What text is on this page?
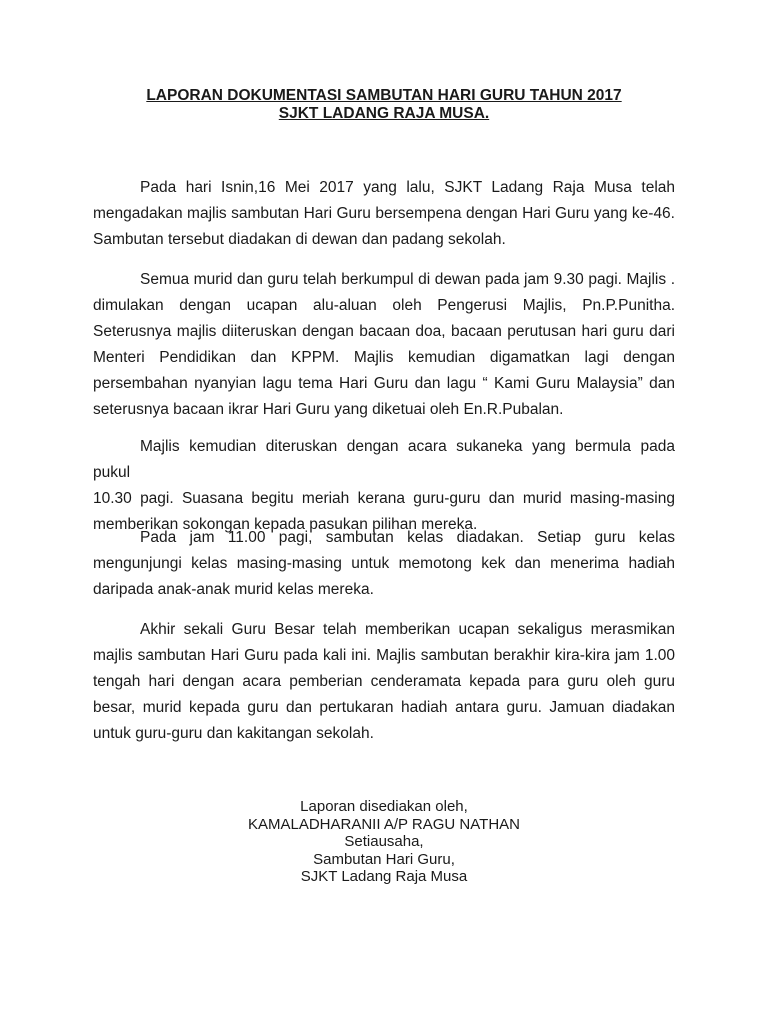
LAPORAN DOKUMENTASI SAMBUTAN HARI GURU TAHUN 2017
SJKT LADANG RAJA MUSA.

Pada hari Isnin,16 Mei 2017 yang lalu, SJKT Ladang Raja Musa telah
mengadakan majlis sambutan Hari Guru bersempena dengan Hari Guru yang ke-46.
Sambutan tersebut diadakan di dewan dan padang sekolah.

Semua murid dan guru telah berkumpul di dewan pada jam 9.30 pagi. Majlis .
dimulakan dengan ucapan alu-aluan oleh Pengerusi Majlis, Pn.P.Punitha.
Seterusnya majlis diiteruskan dengan bacaan doa, bacaan perutusan hari guru dari
Menteri Pendidikan dan KPPM. Majlis kemudian digamatkan lagi dengan
persembahan nyanyian lagu tema Hari Guru dan lagu “ Kami Guru Malaysia” dan
seterusnya bacaan ikrar Hari Guru yang diketuai oleh En.R.Pubalan.

Majlis kemudian diteruskan dengan acara sukaneka yang bermula pada pukul
10.30 pagi. Suasana begitu meriah kerana guru-guru dan murid masing-masing
memberikan sokongan kepada pasukan pilihan mereka.

Pada jam 11.00 pagi, sambutan kelas diadakan. Setiap guru kelas
mengunjungi kelas masing-masing untuk memotong kek dan menerima hadiah
daripada anak-anak murid kelas mereka.

Akhir sekali Guru Besar telah memberikan ucapan sekaligus merasmikan
majlis sambutan Hari Guru pada kali ini. Majlis sambutan berakhir kira-kira jam 1.00
tengah hari dengan acara pemberian cenderamata kepada para guru oleh guru
besar, murid kepada guru dan pertukaran hadiah antara guru. Jamuan diadakan
untuk guru-guru dan kakitangan sekolah.

Laporan disediakan oleh,
KAMALADHARANII A/P RAGU NATHAN
Setiausaha,
Sambutan Hari Guru,
SJKT Ladang Raja Musa
